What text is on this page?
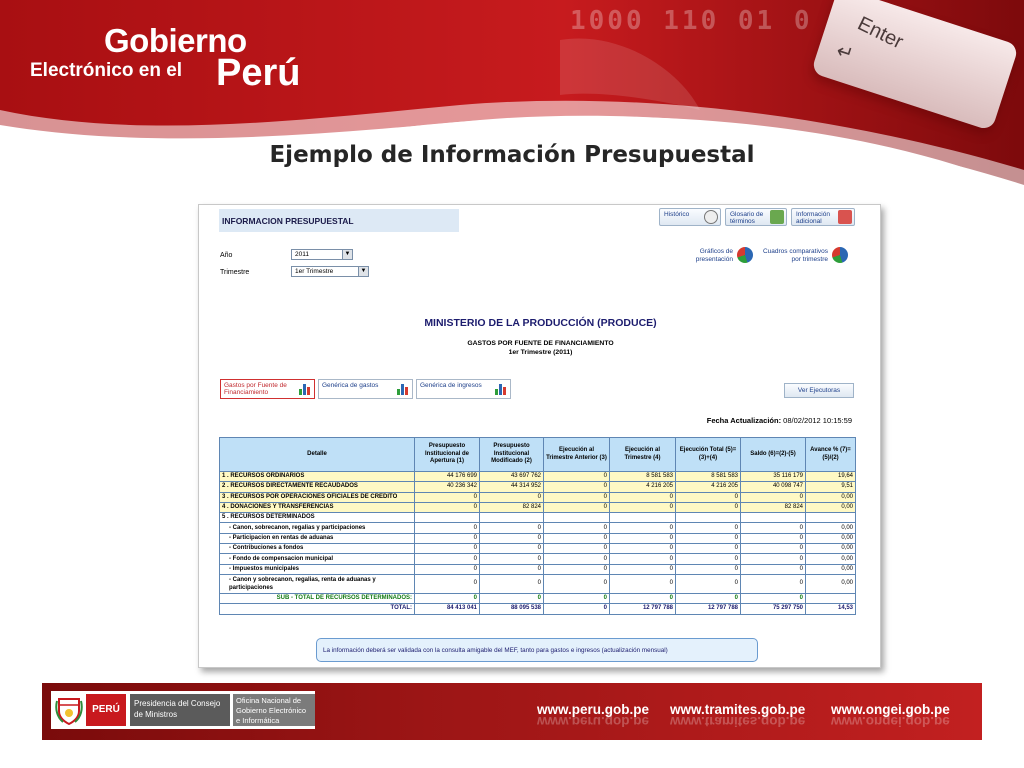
1000 110 01 0 Enter
↵
Gobierno
Electrónico en el Perú
Ejemplo de Información Presupuestal
INFORMACION PRESUPUESTAL
Histórico	Glosario de términos
Información adicional
Gráficos de presentación
Cuadros comparativos por trimestre
Año	2011	▼
Trimestre	1er Trimestre	▼
MINISTERIO DE LA PRODUCCIÓN (PRODUCE)
GASTOS POR FUENTE DE FINANCIAMIENTO
1er Trimestre (2011)
Gastos por Fuente de Financiamiento
Genérica de gastos	Genérica de ingresos
Ver Ejecutoras
Fecha Actualización: 08/02/2012 10:15:59
Detalle	Presupuesto Institucional de Apertura (1)	Presupuesto Institucional Modificado (2)	Ejecución al Trimestre Anterior (3)	Ejecución al Trimestre (4)	Ejecución Total (5)=(3)+(4)	Saldo (6)=(2)-(5)	Avance % (7)=(5)/(2)
1 . RECURSOS ORDINARIOS	44 176 699	43 697 762	0	8 581 583	8 581 583	35 116 179	19,64
2 . RECURSOS DIRECTAMENTE RECAUDADOS	40 236 342	44 314 952	0	4 216 205	4 216 205	40 098 747	9,51
3 . RECURSOS POR OPERACIONES OFICIALES DE CREDITO	0	0	0	0	0	0	0,00
4 . DONACIONES Y TRANSFERENCIAS	0	82 824	0	0	0	82 824	0,00
5 . RECURSOS DETERMINADOS							
- Canon, sobrecanon, regalias y participaciones	0	0	0	0	0	0	0,00
- Participacion en rentas de aduanas	0	0	0	0	0	0	0,00
- Contribuciones a fondos	0	0	0	0	0	0	0,00
- Fondo de compensacion municipal	0	0	0	0	0	0	0,00
- Impuestos municipales	0	0	0	0	0	0	0,00
- Canon y sobrecanon, regalias, renta de aduanas y participaciones	0	0	0	0	0	0	0,00
SUB - TOTAL DE RECURSOS DETERMINADOS:	0	0	0	0	0	0	
TOTAL:	84 413 041	88 095 538	0	12 797 788	12 797 788	75 297 750	14,53
La información deberá ser validada con la consulta amigable del MEF, tanto para gastos e ingresos (actualización mensual)
PERÚ
Presidencia del Consejo de Ministros
Oficina Nacional de Gobierno Electrónico e Informática
www.peru.gob.pe www.tramites.gob.pe www.ongei.gob.pe
www.peru.gob.pe www.tramites.gob.pe www.ongei.gob.pe
